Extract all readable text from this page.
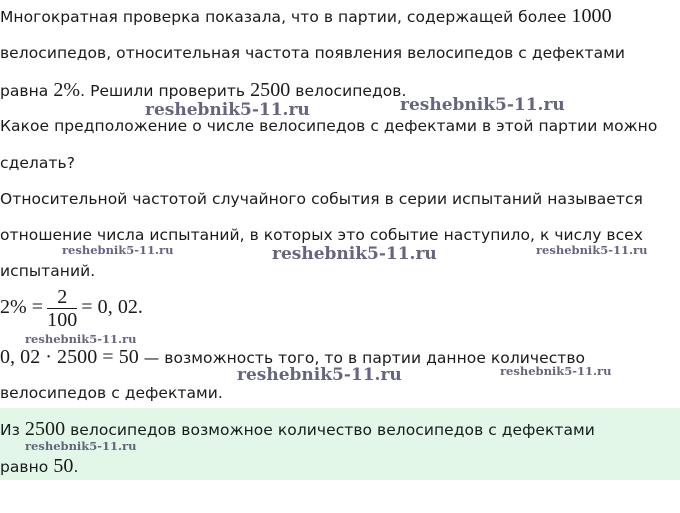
Многократная проверка показала, что в партии, содержащей более 1000
велосипедов, относительная частота появления велосипедов с дефектами
равна 2%. Решили проверить 2500 велосипедов.
Какое предположение о числе велосипедов с дефектами в этой партии можно
сделать?
Относительной частотой случайного события в серии испытаний называется
отношение числа испытаний, в которых это событие наступило, к числу всех
испытаний.
$2\% = \frac{2}{100} = 0$, 02.
0, 02 · 2500 = 50 — возможность того, то в партии данное количество
велосипедов с дефектами.
Из 2500 велосипедов возможное количество велосипедов с дефектами
равно 50.
reshebnik5-11.ru	reshebnik5-11.ru
reshebnik5-11.ru	reshebnik5-11.ru	reshebnik5-11.ru
reshebnik5-11.ru
reshebnik5-11.ru	reshebnik5-11.ru
reshebnik5-11.ru
